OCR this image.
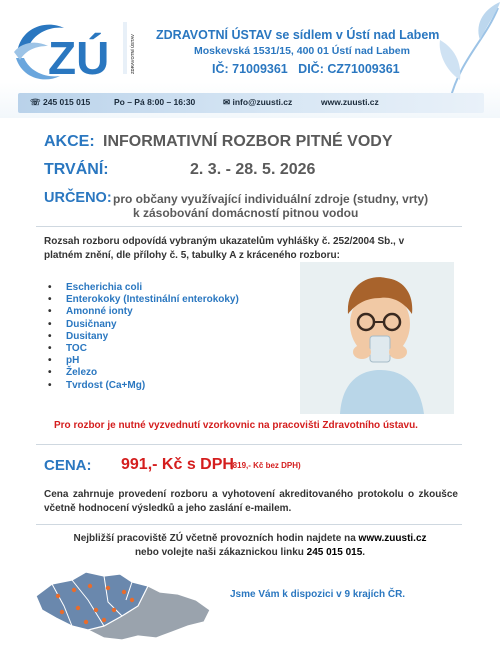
ZÚ	ZDRAVOTNÍ ÚSTAV ZDRAVOTNÍ ÚSTAV se sídlem v Ústí nad Labem
Moskevská 1531/15, 400 01 Ústí nad Labem
IČ: 71009361   DIČ: CZ71009361
☏ 245 015 015	Po – Pá 8:00 – 16:30	✉ info@zuusti.cz	www.zuusti.cz
AKCE: INFORMATIVNÍ ROZBOR PITNÉ VODY
TRVÁNÍ:	2. 3. - 28. 5. 2026
URČENO: pro občany využívající individuální zdroje (studny, vrty)
k zásobování domácností pitnou vodou
Rozsah rozboru odpovídá vybraným ukazatelům vyhlášky č. 252/2004 Sb., v platném znění, dle přílohy č. 5, tabulky A z kráceného rozboru:
• Escherichia coli
• Enterokoky (Intestinální enterokoky)
• Amonné ionty
• Dusičnany
• Dusitany
• TOC
• pH
• Železo
• Tvrdost (Ca+Mg)
Pro rozbor je nutné vyzvednutí vzorkovnic na pracovišti Zdravotního ústavu.
CENA: 991,- Kč s DPH
(819,- Kč bez DPH)
Cena zahrnuje provedení rozboru a vyhotovení akreditovaného protokolu o zkoušce včetně hodnocení výsledků a jeho zaslání e-mailem.
Nejbližší pracoviště ZÚ včetně provozních hodin najdete na www.zuusti.cz
nebo volejte naši zákaznickou linku 245 015 015.
Jsme Vám k dispozici v 9 krajích ČR.
